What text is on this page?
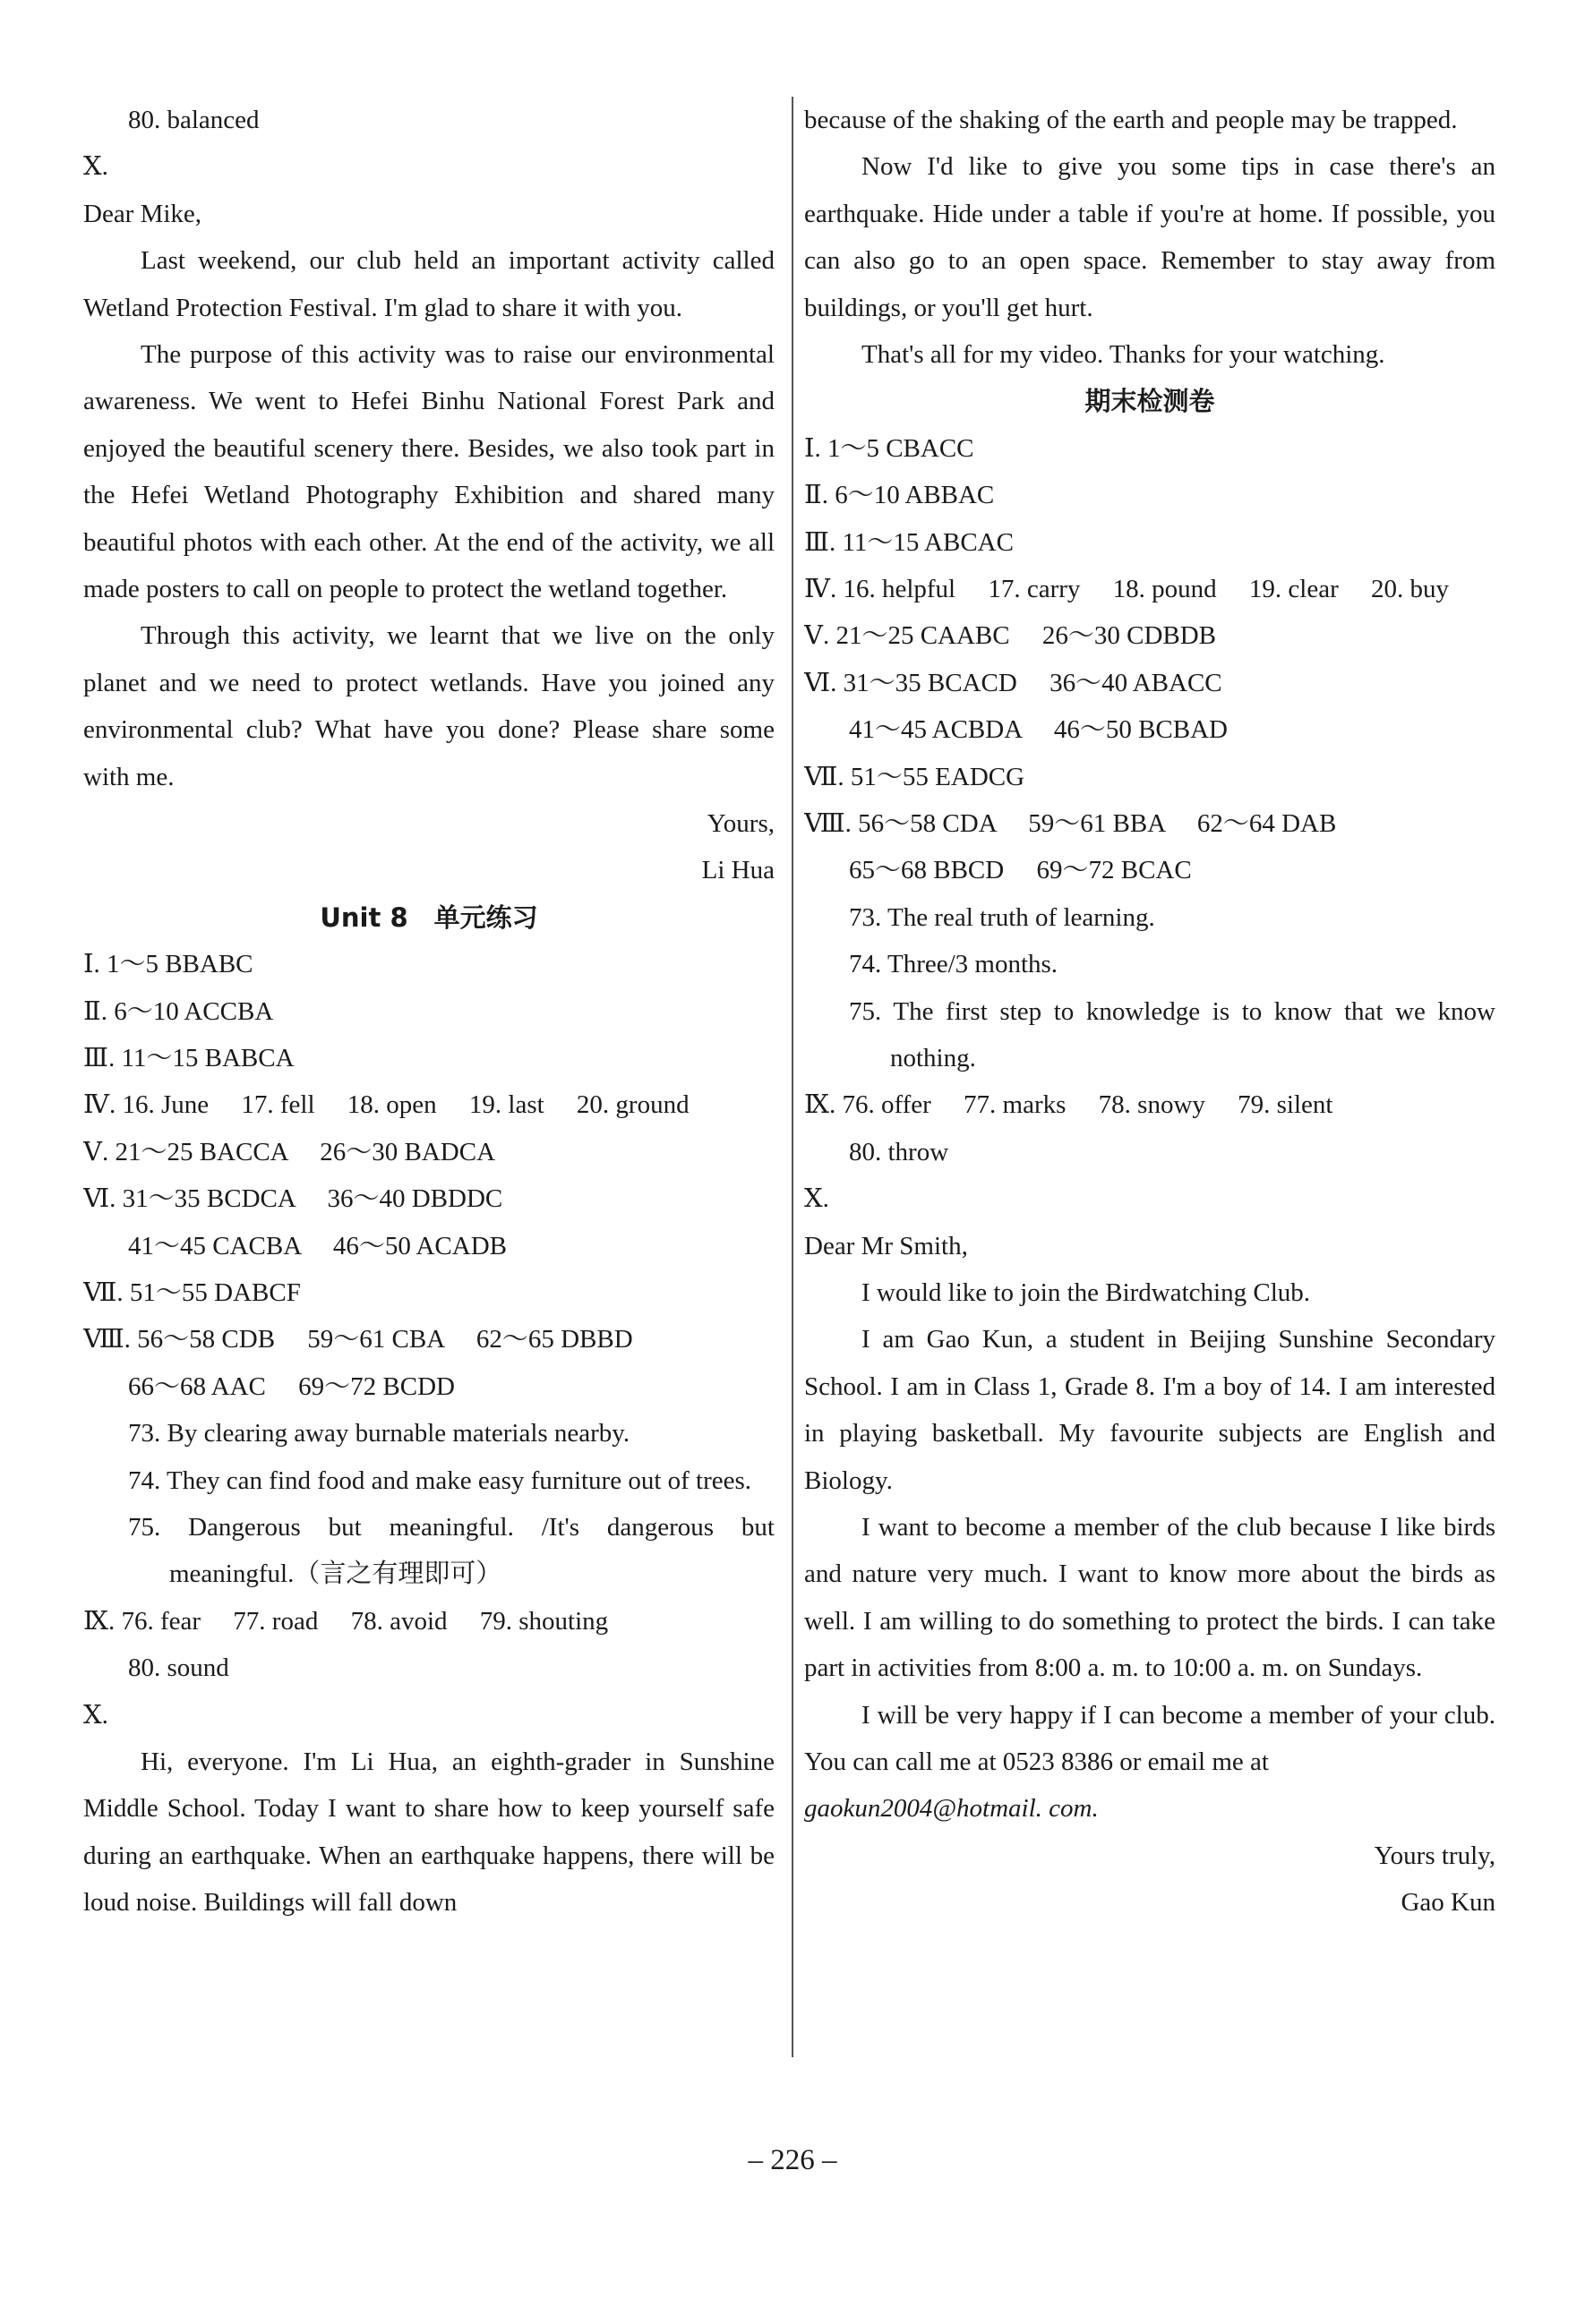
80. balanced
Ⅹ.
Dear Mike,
Last weekend, our club held an important activity called Wetland Protection Festival. I'm glad to share it with you.
The purpose of this activity was to raise our environmental awareness. We went to Hefei Binhu National Forest Park and enjoyed the beautiful scenery there. Besides, we also took part in the Hefei Wetland Photography Exhibition and shared many beautiful photos with each other. At the end of the activity, we all made posters to call on people to protect the wetland together.
Through this activity, we learnt that we live on the only planet and we need to protect wetlands. Have you joined any environmental club? What have you done? Please share some with me.
Yours,
Li Hua
Unit 8　单元练习
Ⅰ. 1～5 BBABC
Ⅱ. 6～10 ACCBA
Ⅲ. 11～15 BABCA
Ⅳ. 16. June　 17. fell　 18. open　 19. last　 20. ground
Ⅴ. 21～25 BACCA　 26～30 BADCA
Ⅵ. 31～35 BCDCA　 36～40 DBDDC
41～45 CACBA　 46～50 ACADB
Ⅶ. 51～55 DABCF
Ⅷ. 56～58 CDB　 59～61 CBA　 62～65 DBBD
66～68 AAC　 69～72 BCDD
73. By clearing away burnable materials nearby.
74. They can find food and make easy furniture out of trees.
75. Dangerous but meaningful. /It's dangerous but meaningful.（言之有理即可）
Ⅸ. 76. fear　 77. road　 78. avoid　 79. shouting
80. sound
Ⅹ.
Hi, everyone. I'm Li Hua, an eighth-grader in Sunshine Middle School. Today I want to share how to keep yourself safe during an earthquake. When an earthquake happens, there will be loud noise. Buildings will fall down
because of the shaking of the earth and people may be trapped.
Now I'd like to give you some tips in case there's an earthquake. Hide under a table if you're at home. If possible, you can also go to an open space. Remember to stay away from buildings, or you'll get hurt.
That's all for my video. Thanks for your watching.
期末检测卷
Ⅰ. 1～5 CBACC
Ⅱ. 6～10 ABBAC
Ⅲ. 11～15 ABCAC
Ⅳ. 16. helpful　 17. carry　 18. pound　 19. clear　 20. buy
Ⅴ. 21～25 CAABC　 26～30 CDBDB
Ⅵ. 31～35 BCACD　 36～40 ABACC
41～45 ACBDA　 46～50 BCBAD
Ⅶ. 51～55 EADCG
Ⅷ. 56～58 CDA　 59～61 BBA　 62～64 DAB
65～68 BBCD　 69～72 BCAC
73. The real truth of learning.
74. Three/3 months.
75. The first step to knowledge is to know that we know nothing.
Ⅸ. 76. offer　 77. marks　 78. snowy　 79. silent
80. throw
Ⅹ.
Dear Mr Smith,
I would like to join the Birdwatching Club.
I am Gao Kun, a student in Beijing Sunshine Secondary School. I am in Class 1, Grade 8. I'm a boy of 14. I am interested in playing basketball. My favourite subjects are English and Biology.
I want to become a member of the club because I like birds and nature very much. I want to know more about the birds as well. I am willing to do something to protect the birds. I can take part in activities from 8:00 a. m. to 10:00 a. m. on Sundays.
I will be very happy if I can become a member of your club. You can call me at 0523 8386 or email me at
gaokun2004@hotmail. com.
Yours truly,
Gao Kun
– 226 –
